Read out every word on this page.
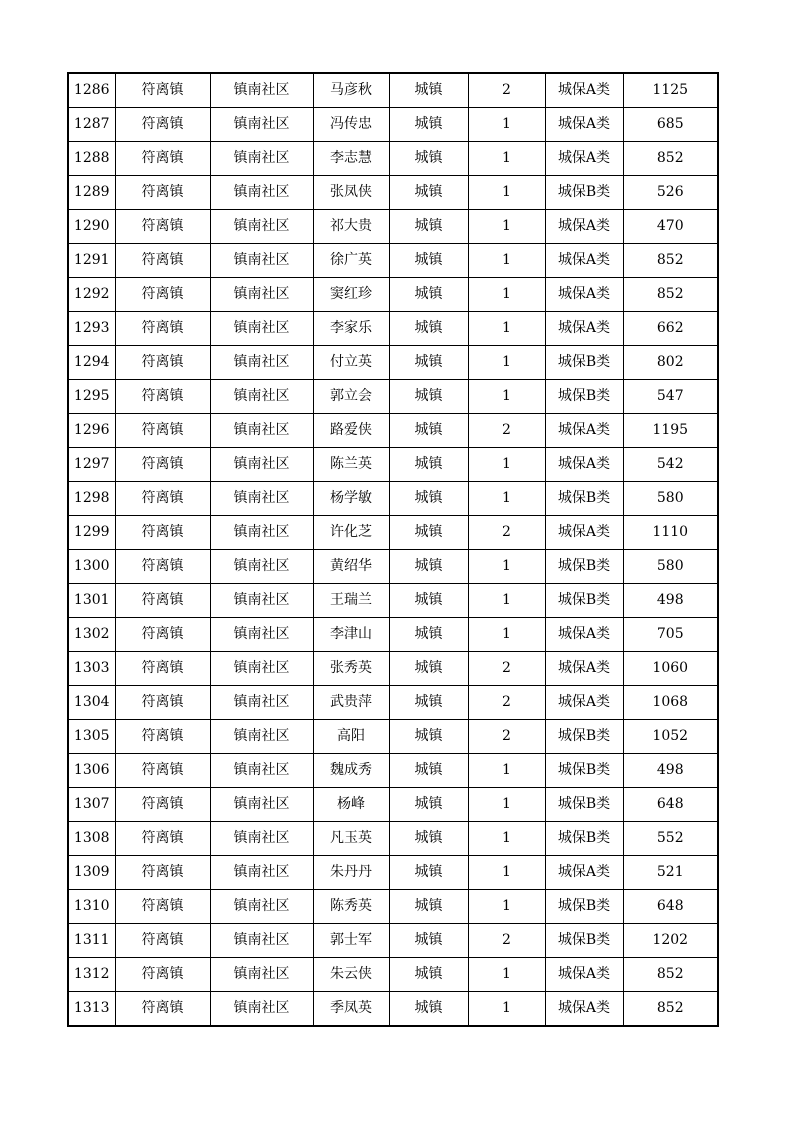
1286	符离镇	镇南社区	马彦秋	城镇	2	城保A类	1125
1287	符离镇	镇南社区	冯传忠	城镇	1	城保A类	685
1288	符离镇	镇南社区	李志慧	城镇	1	城保A类	852
1289	符离镇	镇南社区	张凤侠	城镇	1	城保B类	526
1290	符离镇	镇南社区	祁大贵	城镇	1	城保A类	470
1291	符离镇	镇南社区	徐广英	城镇	1	城保A类	852
1292	符离镇	镇南社区	窦红珍	城镇	1	城保A类	852
1293	符离镇	镇南社区	李家乐	城镇	1	城保A类	662
1294	符离镇	镇南社区	付立英	城镇	1	城保B类	802
1295	符离镇	镇南社区	郭立会	城镇	1	城保B类	547
1296	符离镇	镇南社区	路爱侠	城镇	2	城保A类	1195
1297	符离镇	镇南社区	陈兰英	城镇	1	城保A类	542
1298	符离镇	镇南社区	杨学敏	城镇	1	城保B类	580
1299	符离镇	镇南社区	许化芝	城镇	2	城保A类	1110
1300	符离镇	镇南社区	黄绍华	城镇	1	城保B类	580
1301	符离镇	镇南社区	王瑞兰	城镇	1	城保B类	498
1302	符离镇	镇南社区	李津山	城镇	1	城保A类	705
1303	符离镇	镇南社区	张秀英	城镇	2	城保A类	1060
1304	符离镇	镇南社区	武贵萍	城镇	2	城保A类	1068
1305	符离镇	镇南社区	高阳	城镇	2	城保B类	1052
1306	符离镇	镇南社区	魏成秀	城镇	1	城保B类	498
1307	符离镇	镇南社区	杨峰	城镇	1	城保B类	648
1308	符离镇	镇南社区	凡玉英	城镇	1	城保B类	552
1309	符离镇	镇南社区	朱丹丹	城镇	1	城保A类	521
1310	符离镇	镇南社区	陈秀英	城镇	1	城保B类	648
1311	符离镇	镇南社区	郭士军	城镇	2	城保B类	1202
1312	符离镇	镇南社区	朱云侠	城镇	1	城保A类	852
1313	符离镇	镇南社区	季凤英	城镇	1	城保A类	852
